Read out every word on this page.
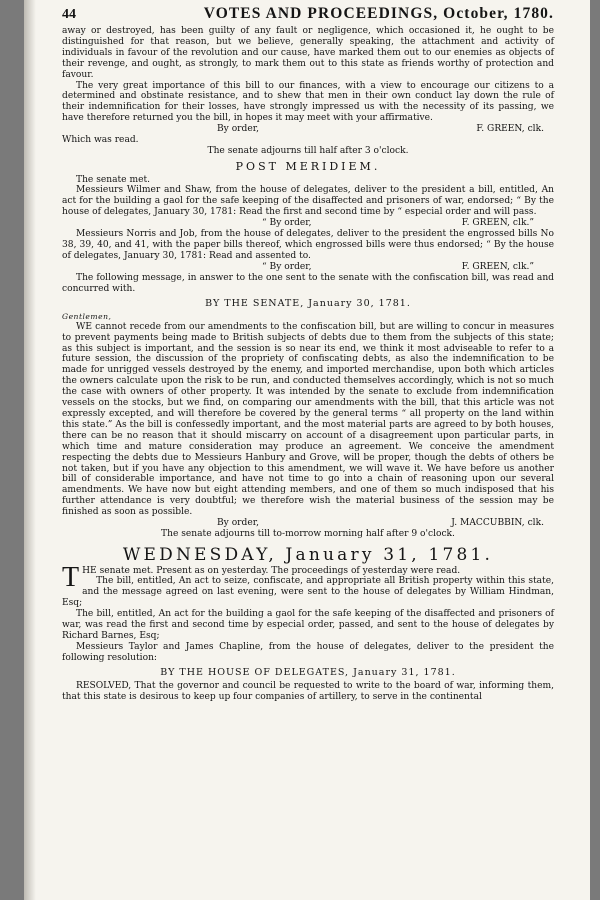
44	VOTES AND PROCEEDINGS, October, 1780.

away or destroyed, has been guilty of any fault or negligence, which occasioned it, he ought to be distinguished for that reason, but we believe, generally speaking, the attachment and activity of individuals in favour of the revolution and our cause, have marked them out to our enemies as objects of their revenge, and ought, as strongly, to mark them out to this state as friends worthy of protection and favour.

The very great importance of this bill to our finances, with a view to encourage our citizens to a determined and obstinate resistance, and to shew that men in their own conduct lay down the rule of their indemnification for their losses, have strongly impressed us with the necessity of its passing, we have therefore returned you the bill, in hopes it may meet with your affirmative.

By order,	F. GREEN, clk.

Which was read.

The senate adjourns till half after 3 o'clock.

POST MERIDIEM.

The senate met.

Messieurs Wilmer and Shaw, from the house of delegates, deliver to the president a bill, entitled, An act for the building a gaol for the safe keeping of the disaffected and prisoners of war, endorsed; “ By the house of delegates, January 30, 1781: Read the first and second time by “ especial order and will pass.

“ By order,	F. GREEN, clk.”

Messieurs Norris and Job, from the house of delegates, deliver to the president the engrossed bills No 38, 39, 40, and 41, with the paper bills thereof, which engrossed bills were thus endorsed; “ By the house of delegates, January 30, 1781: Read and assented to.

“ By order,	F. GREEN, clk.”

The following message, in answer to the one sent to the senate with the confiscation bill, was read and concurred with.

BY THE SENATE, January 30, 1781.

Gentlemen,

WE cannot recede from our amendments to the confiscation bill, but are willing to concur in measures to prevent payments being made to British subjects of debts due to them from the subjects of this state; as this subject is important, and the session is so near its end, we think it most adviseable to refer to a future session, the discussion of the propriety of confiscating debts, as also the indemnification to be made for unrigged vessels destroyed by the enemy, and imported merchandise, upon both which articles the owners calculate upon the risk to be run, and conducted themselves accordingly, which is not so much the case with owners of other property. It was intended by the senate to exclude from indemnification vessels on the stocks, but we find, on comparing our amendments with the bill, that this article was not expressly excepted, and will therefore be covered by the general terms “ all property on the land within this state.” As the bill is confessedly important, and the most material parts are agreed to by both houses, there can be no reason that it should miscarry on account of a disagreement upon particular parts, in which time and mature consideration may produce an agreement. We conceive the amendment respecting the debts due to Messieurs Hanbury and Grove, will be proper, though the debts of others be not taken, but if you have any objection to this amendment, we will wave it. We have before us another bill of considerable importance, and have not time to go into a chain of reasoning upon our several amendments. We have now but eight attending members, and one of them so much indisposed that his further attendance is very doubtful; we therefore wish the material business of the session may be finished as soon as possible.

By order,	J. MACCUBBIN, clk.

The senate adjourns till to-morrow morning half after 9 o'clock.

WEDNESDAY, January 31, 1781.

THE senate met. Present as on yesterday. The proceedings of yesterday were read.

The bill, entitled, An act to seize, confiscate, and appropriate all British property within this state, and the message agreed on last evening, were sent to the house of delegates by William Hindman, Esq;

The bill, entitled, An act for the building a gaol for the safe keeping of the disaffected and prisoners of war, was read the first and second time by especial order, passed, and sent to the house of delegates by Richard Barnes, Esq;

Messieurs Taylor and James Chapline, from the house of delegates, deliver to the president the following resolution:

BY THE HOUSE OF DELEGATES, January 31, 1781.

RESOLVED, That the governor and council be requested to write to the board of war, informing them, that this state is desirous to keep up four companies of artillery, to serve in the continental
